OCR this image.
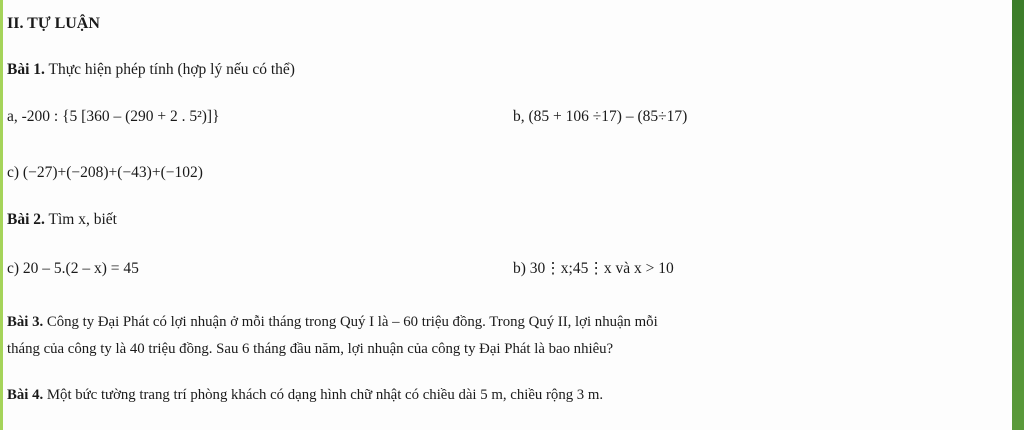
II. TỰ LUẬN
Bài 1. Thực hiện phép tính (hợp lý nếu có thể)
a, -200 : {5 [360 – (290 + 2 . 5²)]}	b, (85 + 106 ÷17) – (85÷17)
c) (−27)+(−208)+(−43)+(−102)
Bài 2. Tìm x, biết
c) 20 – 5.(2 – x) = 45	b) 30⋮x;45⋮x và x > 10
Bài 3. Công ty Đại Phát có lợi nhuận ở mỗi tháng trong Quý I là – 60 triệu đồng. Trong Quý II, lợi nhuận mỗi
tháng của công ty là 40 triệu đồng. Sau 6 tháng đầu năm, lợi nhuận của công ty Đại Phát là bao nhiêu?
Bài 4. Một bức tường trang trí phòng khách có dạng hình chữ nhật có chiều dài 5 m, chiều rộng 3 m.
